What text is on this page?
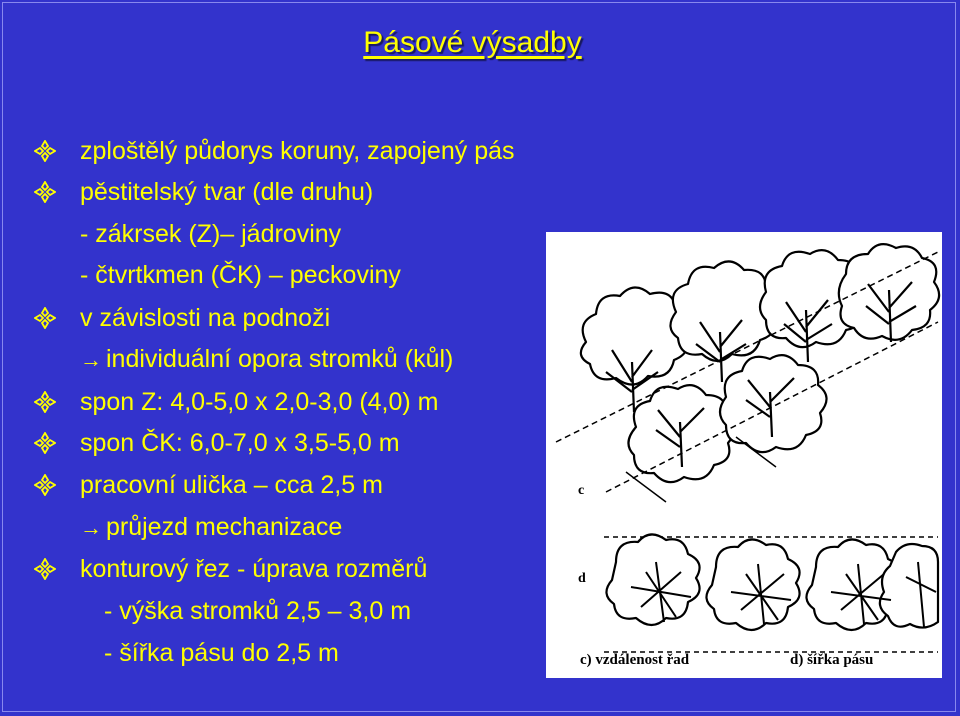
Pásové výsadby
zploštělý půdorys koruny, zapojený pás
pěstitelský tvar (dle druhu)
- zákrsek (Z)– jádroviny
- čtvrtkmen (ČK) – peckoviny
v závislosti na podnoži
→ individuální opora stromků (kůl)
spon Z: 4,0-5,0 x 2,0-3,0 (4,0) m
spon ČK: 6,0-7,0 x 3,5-5,0 m
pracovní ulička – cca 2,5 m
→ průjezd mechanizace
konturový řez - úprava rozměrů
- výška stromků 2,5 – 3,0 m
- šířka pásu do 2,5 m
c
d
c) vzdálenost řad	d) šířka pásu
